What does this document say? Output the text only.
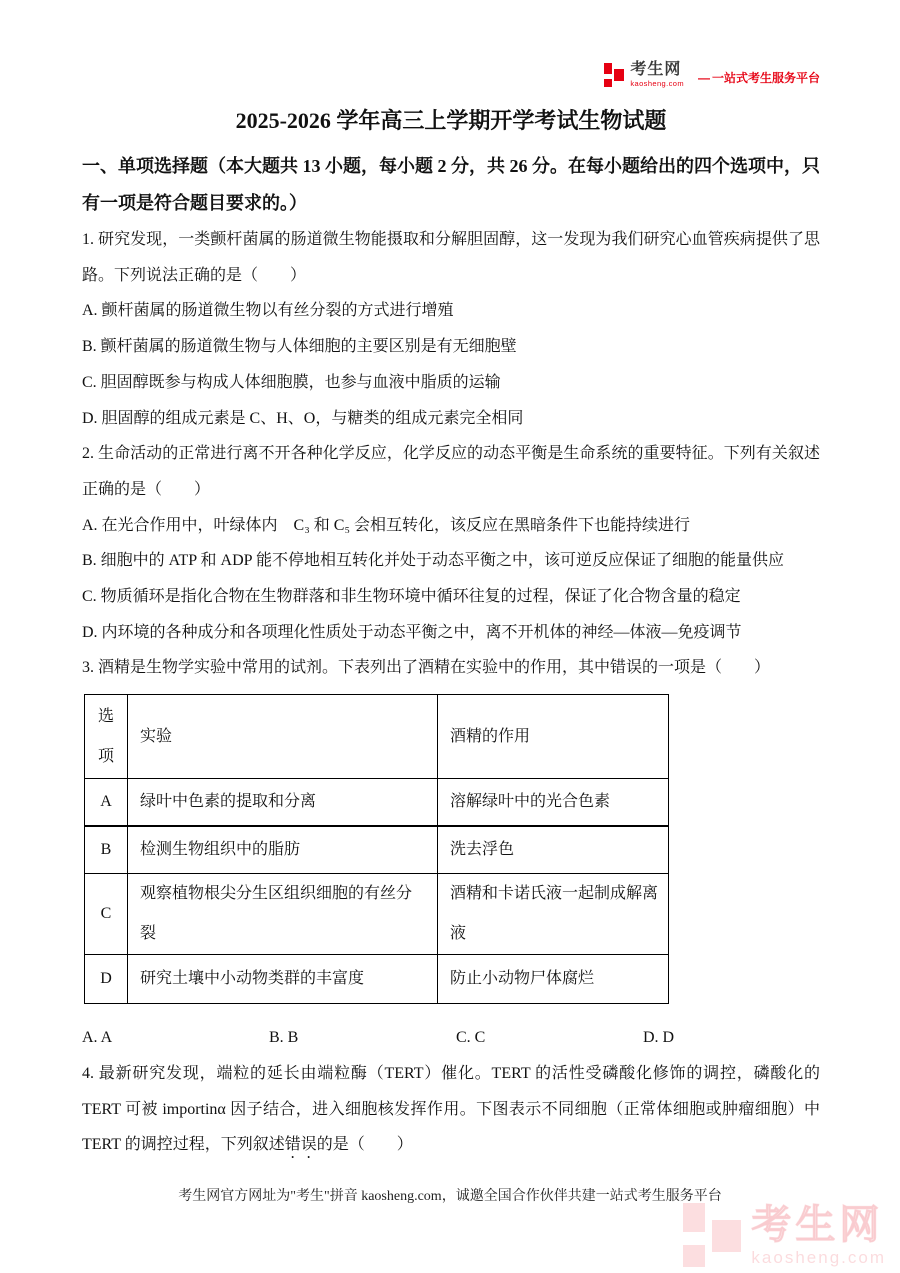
考生网
kaosheng.com	— 一站式考生服务平台
2025-2026 学年高三上学期开学考试生物试题

一、单项选择题（本大题共 13 小题，每小题 2 分，共 26 分。在每小题给出的四个选项中，只有一项是符合题目要求的。）

1. 研究发现，一类颤杆菌属的肠道微生物能摄取和分解胆固醇，这一发现为我们研究心血管疾病提供了思路。下列说法正确的是（　　）

A. 颤杆菌属的肠道微生物以有丝分裂的方式进行增殖

B. 颤杆菌属的肠道微生物与人体细胞的主要区别是有无细胞壁

C. 胆固醇既参与构成人体细胞膜，也参与血液中脂质的运输

D. 胆固醇的组成元素是 C、H、O，与糖类的组成元素完全相同

2. 生命活动的正常进行离不开各种化学反应，化学反应的动态平衡是生命系统的重要特征。下列有关叙述正确的是（　　）

A. 在光合作用中，叶绿体内　C₃ 和 C₅ 会相互转化，该反应在黑暗条件下也能持续进行

B. 细胞中的 ATP 和 ADP 能不停地相互转化并处于动态平衡之中，该可逆反应保证了细胞的能量供应

C. 物质循环是指化合物在生物群落和非生物环境中循环往复的过程，保证了化合物含量的稳定

D. 内环境的各种成分和各项理化性质处于动态平衡之中，离不开机体的神经—体液—免疫调节

3. 酒精是生物学实验中常用的试剂。下表列出了酒精在实验中的作用，其中错误的一项是（　　）

选项	实验	酒精的作用
A	绿叶中色素的提取和分离	溶解绿叶中的光合色素
B	检测生物组织中的脂肪	洗去浮色
C	观察植物根尖分生区组织细胞的有丝分裂	酒精和卡诺氏液一起制成解离液
D	研究土壤中小动物类群的丰富度	防止小动物尸体腐烂
A. A	B. B	C. C	D. D

4. 最新研究发现，端粒的延长由端粒酶（TERT）催化。TERT 的活性受磷酸化修饰的调控，磷酸化的 TERT 可被 importinα 因子结合，进入细胞核发挥作用。下图表示不同细胞（正常体细胞或肿瘤细胞）中 TERT 的调控过程，下列叙述错误的是（　　）

考生网官方网址为"考生"拼音 kaosheng.com，诚邀全国合作伙伴共建一站式考生服务平台
考生网
kaosheng.com
